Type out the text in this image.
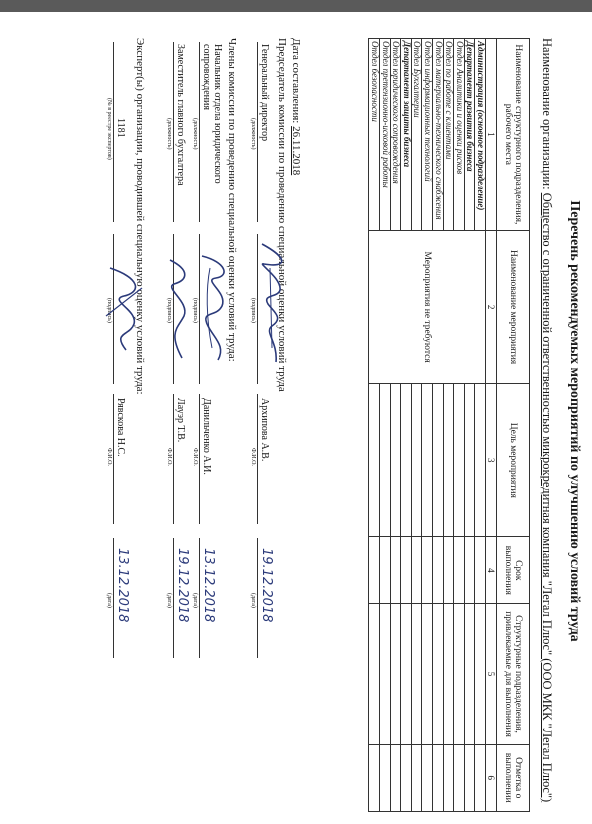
Перечень рекомендуемых мероприятий по улучшению условий труда
Наименование организации: Общество с ограниченной ответственностью микрокредитная компания "Легал Плюс" (ООО МКК "Легал Плюс")
Наименование структурного подразделения, рабочего места	Наименование мероприятия	Цель мероприятия	Срок выполнения	Структурные подразделения, привлекаемые для выполнения	Отметка о выполнении
1	2	3	4	5	6
Администрация (основное подразделение)	Мероприятия не требуются				
Департамент развития бизнеса					
Отдел Аналитики и оценки рисков					
Отдел по работе с клиентами					
Отдел материально-технического снабжения					
Отдел информационных технологий					
Отдел Бухгалтерии					
Департамент защиты бизнеса					
Отдел юридического сопровождения					
Отдел претензионно-исковой работы					
Отдел безопасности					
Дата составления: 26.11.2018
Председатель комиссии по проведению специальной оценки условий труда
Генеральный директор
(должность)
(подпись)
Архипова А.В.
Ф.И.О.
19.12.2018
(дата)
Члены комиссии по проведению специальной оценки условий труда:
Начальник отдела юридического сопровождения
(должность)
(подпись)
Данильченко А.И.
Ф.И.О.
13.12.2018
(дата)
Заместитель главного бухгалтера
(должность)
(подпись)
Лауэр Т.В.
Ф.И.О.
19.12.2018
(дата)
Эксперт(ы) организации, проводившей специальную оценку условий труда:
1181
(№ в реестре экспертов)
(подпись)
Рявскова Н.С.
Ф.И.О.
13.12.2018
(дата)
